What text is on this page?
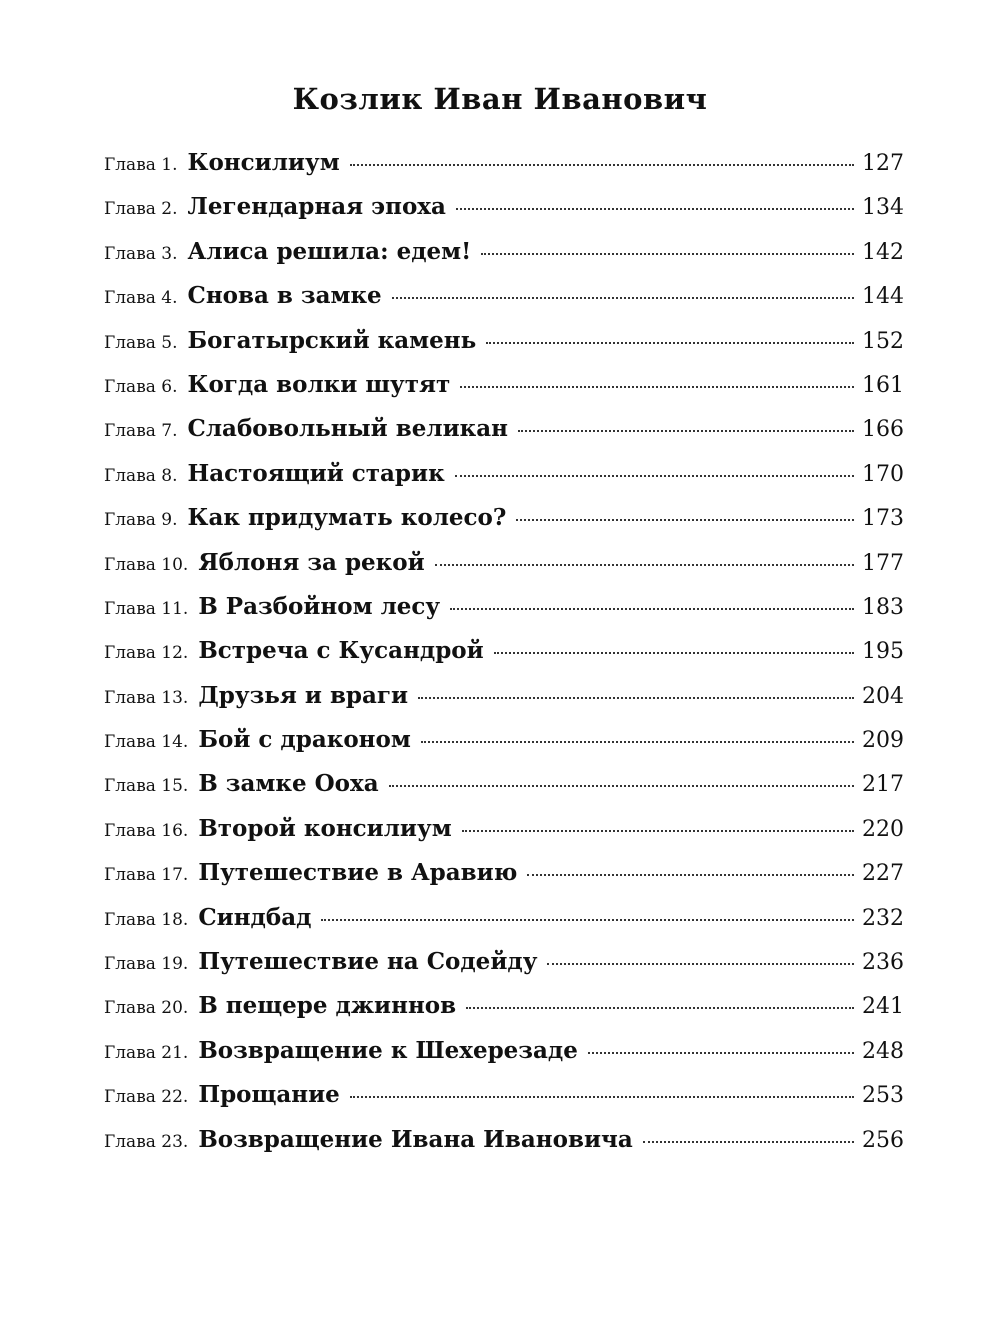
Козлик Иван Иванович
Глава 1. Консилиум	127
Глава 2. Легендарная эпоха	134
Глава 3. Алиса решила: едем!	142
Глава 4. Снова в замке	144
Глава 5. Богатырский камень	152
Глава 6. Когда волки шутят	161
Глава 7. Слабовольный великан	166
Глава 8. Настоящий старик	170
Глава 9. Как придумать колесо?	173
Глава 10. Яблоня за рекой	177
Глава 11. В Разбойном лесу	183
Глава 12. Встреча с Кусандрой	195
Глава 13. Друзья и враги	204
Глава 14. Бой с драконом	209
Глава 15. В замке Ооха	217
Глава 16. Второй консилиум	220
Глава 17. Путешествие в Аравию	227
Глава 18. Синдбад	232
Глава 19. Путешествие на Содейду	236
Глава 20. В пещере джиннов	241
Глава 21. Возвращение к Шехерезаде	248
Глава 22. Прощание	253
Глава 23. Возвращение Ивана Ивановича	256
